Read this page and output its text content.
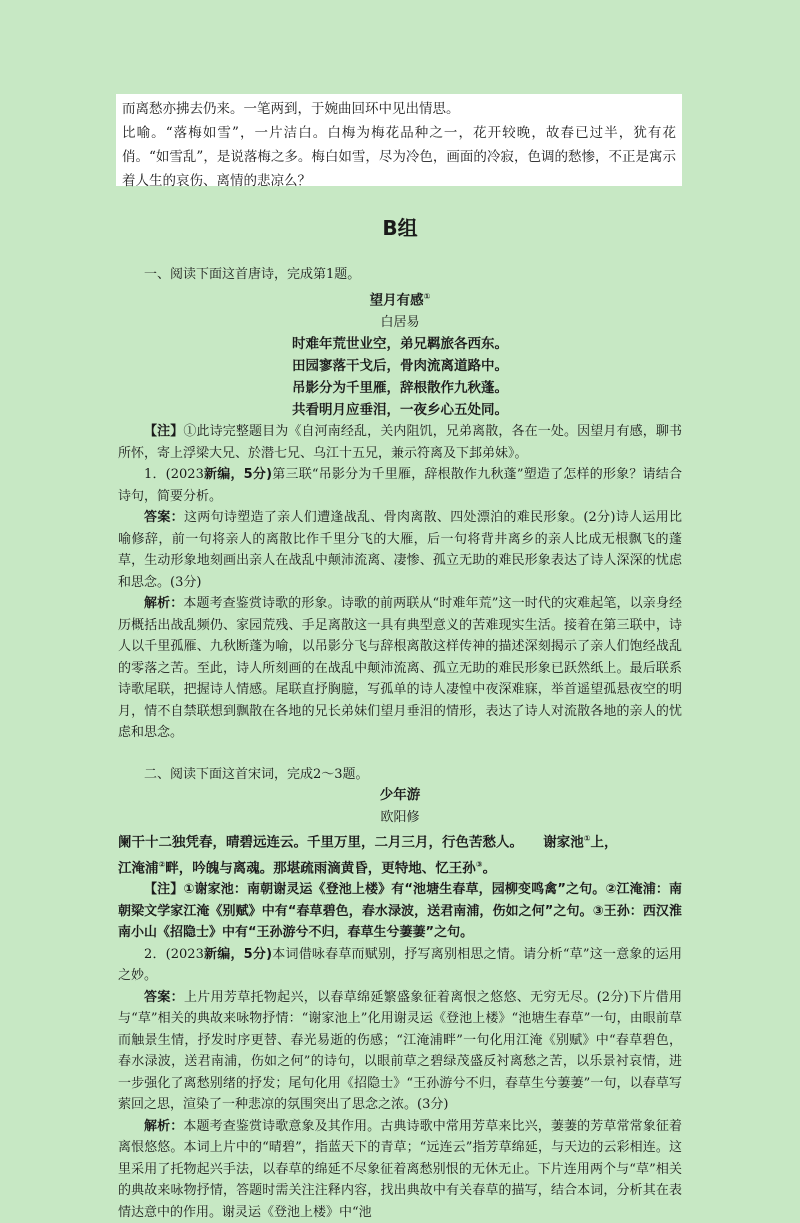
而离愁亦拂去仍来。一笔两到，于婉曲回环中见出情思。

比喻。“落梅如雪”，一片洁白。白梅为梅花品种之一，花开较晚，故春已过半，犹有花俏。“如雪乱”，是说落梅之多。梅白如雪，尽为冷色，画面的冷寂，色调的愁惨，不正是寓示着人生的哀伤、离情的悲凉么？

B组

一、阅读下面这首唐诗，完成第1题。

望月有感①

白居易

时难年荒世业空，弟兄羁旅各西东。

田园寥落干戈后，骨肉流离道路中。

吊影分为千里雁，辞根散作九秋蓬。

共看明月应垂泪，一夜乡心五处同。

【注】①此诗完整题目为《自河南经乱，关内阻饥，兄弟离散，各在一处。因望月有感，聊书所怀，寄上浮梁大兄、於潜七兄、乌江十五兄，兼示符离及下邽弟妹》。

1．(2023新编，5分)第三联“吊影分为千里雁，辞根散作九秋蓬”塑造了怎样的形象？请结合诗句，简要分析。

答案：这两句诗塑造了亲人们遭逢战乱、骨肉离散、四处漂泊的难民形象。(2分)诗人运用比喻修辞，前一句将亲人的离散比作千里分飞的大雁，后一句将背井离乡的亲人比成无根飘飞的蓬草，生动形象地刻画出亲人在战乱中颠沛流离、凄惨、孤立无助的难民形象表达了诗人深深的忧虑和思念。(3分)

解析：本题考查鉴赏诗歌的形象。诗歌的前两联从“时难年荒”这一时代的灾难起笔，以亲身经历概括出战乱频仍、家园荒残、手足离散这一具有典型意义的苦难现实生活。接着在第三联中，诗人以千里孤雁、九秋断蓬为喻，以吊影分飞与辞根离散这样传神的描述深刻揭示了亲人们饱经战乱的零落之苦。至此，诗人所刻画的在战乱中颠沛流离、孤立无助的难民形象已跃然纸上。最后联系诗歌尾联，把握诗人情感。尾联直抒胸臆，写孤单的诗人凄惶中夜深难寐，举首遥望孤悬夜空的明月，情不自禁联想到飘散在各地的兄长弟妹们望月垂泪的情形，表达了诗人对流散各地的亲人的忧虑和思念。

二、阅读下面这首宋词，完成2～3题。

少年游

欧阳修

阑干十二独凭春，晴碧远连云。千里万里，二月三月，行色苦愁人。　　谢家池①上，

江淹浦②畔，吟魄与离魂。那堪疏雨滴黄昏，更特地、忆王孙③。

【注】①谢家池：南朝谢灵运《登池上楼》有“池塘生春草，园柳变鸣禽”之句。②江淹浦：南朝梁文学家江淹《别赋》中有“春草碧色，春水渌波，送君南浦，伤如之何”之句。③王孙：西汉淮南小山《招隐士》中有“王孙游兮不归，春草生兮萋萋”之句。

2．(2023新编，5分)本词借咏春草而赋别，抒写离别相思之情。请分析“草”这一意象的运用之妙。

答案：上片用芳草托物起兴，以春草绵延繁盛象征着离恨之悠悠、无穷无尽。(2分)下片借用与“草”相关的典故来咏物抒情：“谢家池上”化用谢灵运《登池上楼》“池塘生春草”一句，由眼前草而触景生情，抒发时序更替、春光易逝的伤感；“江淹浦畔”一句化用江淹《别赋》中“春草碧色，春水渌波，送君南浦，伤如之何”的诗句，以眼前草之碧绿茂盛反衬离愁之苦，以乐景衬哀情，进一步强化了离愁别绪的抒发；尾句化用《招隐士》“王孙游兮不归，春草生兮萋萋”一句，以春草写萦回之思，渲染了一种悲凉的氛围突出了思念之浓。(3分)

解析：本题考查鉴赏诗歌意象及其作用。古典诗歌中常用芳草来比兴，萋萋的芳草常常象征着离恨悠悠。本词上片中的“晴碧”，指蓝天下的青草；“远连云”指芳草绵延，与天边的云彩相连。这里采用了托物起兴手法，以春草的绵延不尽象征着离愁别恨的无休无止。下片连用两个与“草”相关的典故来咏物抒情，答题时需关注注释内容，找出典故中有关春草的描写，结合本词，分析其在表情达意中的作用。谢灵运《登池上楼》中“池
